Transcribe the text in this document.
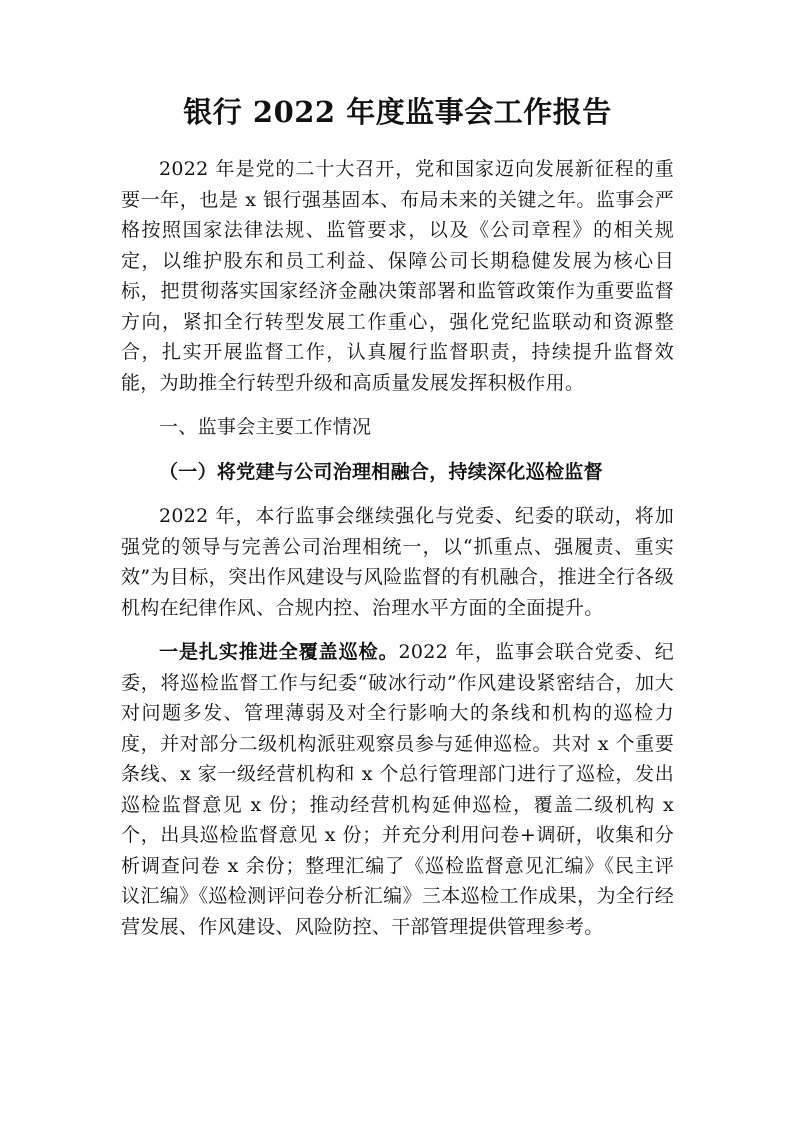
银行 2022 年度监事会工作报告

2022 年是党的二十大召开，党和国家迈向发展新征程的重要一年，也是 x 银行强基固本、布局未来的关键之年。监事会严格按照国家法律法规、监管要求，以及《公司章程》的相关规定，以维护股东和员工利益、保障公司长期稳健发展为核心目标，把贯彻落实国家经济金融决策部署和监管政策作为重要监督方向，紧扣全行转型发展工作重心，强化党纪监联动和资源整合，扎实开展监督工作，认真履行监督职责，持续提升监督效能，为助推全行转型升级和高质量发展发挥积极作用。

一、监事会主要工作情况

（一）将党建与公司治理相融合，持续深化巡检监督

2022 年，本行监事会继续强化与党委、纪委的联动，将加强党的领导与完善公司治理相统一，以“抓重点、强履责、重实效”为目标，突出作风建设与风险监督的有机融合，推进全行各级机构在纪律作风、合规内控、治理水平方面的全面提升。

一是扎实推进全覆盖巡检。2022 年，监事会联合党委、纪委，将巡检监督工作与纪委“破冰行动”作风建设紧密结合，加大对问题多发、管理薄弱及对全行影响大的条线和机构的巡检力度，并对部分二级机构派驻观察员参与延伸巡检。共对 x 个重要条线、x 家一级经营机构和 x 个总行管理部门进行了巡检，发出巡检监督意见 x 份；推动经营机构延伸巡检，覆盖二级机构 x 个，出具巡检监督意见 x 份；并充分利用问卷+调研，收集和分析调查问卷 x 余份；整理汇编了《巡检监督意见汇编》《民主评议汇编》《巡检测评问卷分析汇编》三本巡检工作成果，为全行经营发展、作风建设、风险防控、干部管理提供管理参考。
